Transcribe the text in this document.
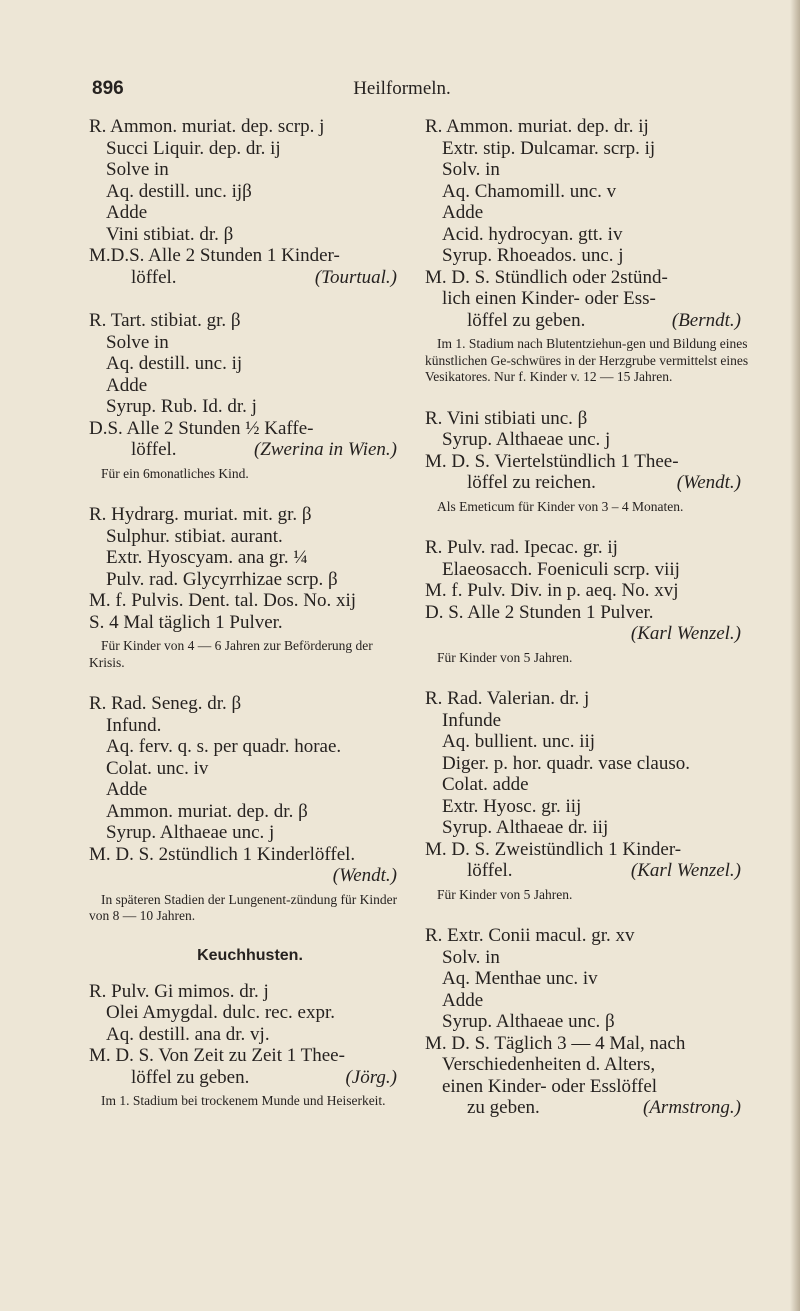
896	Heilformeln.
R. Ammon. muriat. dep. scrp. j
Succi Liquir. dep. dr. ij
Solve in
Aq. destill. unc. ijβ
Adde
Vini stibiat. dr. β
M.D.S. Alle 2 Stunden 1 Kinder-
löffel.	(Tourtual.)
R. Tart. stibiat. gr. β
Solve in
Aq. destill. unc. ij
Adde
Syrup. Rub. Id. dr. j
D.S. Alle 2 Stunden ½ Kaffe-
löffel.	(Zwerina in Wien.)
Für ein 6monatliches Kind.
R. Hydrarg. muriat. mit. gr. β
Sulphur. stibiat. aurant.
Extr. Hyoscyam. ana gr. ¼
Pulv. rad. Glycyrrhizae scrp. β
M. f. Pulvis. Dent. tal. Dos. No. xij
S. 4 Mal täglich 1 Pulver.
Für Kinder von 4 — 6 Jahren zur Beförderung der Krisis.
R. Rad. Seneg. dr. β
Infund.
Aq. ferv. q. s. per quadr. horae.
Colat. unc. iv
Adde
Ammon. muriat. dep. dr. β
Syrup. Althaeae unc. j
M. D. S. 2stündlich 1 Kinderlöffel.
(Wendt.)
In späteren Stadien der Lungenent-zündung für Kinder von 8 — 10 Jahren.
Keuchhusten.
R. Pulv. Gi mimos. dr. j
Olei Amygdal. dulc. rec. expr.
Aq. destill. ana dr. vj.
M. D. S. Von Zeit zu Zeit 1 Thee-
löffel zu geben.	(Jörg.)
Im 1. Stadium bei trockenem Munde und Heiserkeit.
R. Ammon. muriat. dep. dr. ij
Extr. stip. Dulcamar. scrp. ij
Solv. in
Aq. Chamomill. unc. v
Adde
Acid. hydrocyan. gtt. iv
Syrup. Rhoeados. unc. j
M. D. S. Stündlich oder 2stünd-
lich einen Kinder- oder Ess-
löffel zu geben.	(Berndt.)
Im 1. Stadium nach Blutentziehun-gen und Bildung eines künstlichen Ge-schwüres in der Herzgrube vermittelst eines Vesikatores. Nur f. Kinder v. 12 — 15 Jahren.
R. Vini stibiati unc. β
Syrup. Althaeae unc. j
M. D. S. Viertelstündlich 1 Thee-
löffel zu reichen.	(Wendt.)
Als Emeticum für Kinder von 3 – 4 Monaten.
R. Pulv. rad. Ipecac. gr. ij
Elaeosacch. Foeniculi scrp. viij
M. f. Pulv. Div. in p. aeq. No. xvj
D. S. Alle 2 Stunden 1 Pulver.
(Karl Wenzel.)
Für Kinder von 5 Jahren.
R. Rad. Valerian. dr. j
Infunde
Aq. bullient. unc. iij
Diger. p. hor. quadr. vase clauso.
Colat. adde
Extr. Hyosc. gr. iij
Syrup. Althaeae dr. iij
M. D. S. Zweistündlich 1 Kinder-
löffel.	(Karl Wenzel.)
Für Kinder von 5 Jahren.
R. Extr. Conii macul. gr. xv
Solv. in
Aq. Menthae unc. iv
Adde
Syrup. Althaeae unc. β
M. D. S. Täglich 3 — 4 Mal, nach
Verschiedenheiten d. Alters,
einen Kinder- oder Esslöffel
zu geben.	(Armstrong.)
